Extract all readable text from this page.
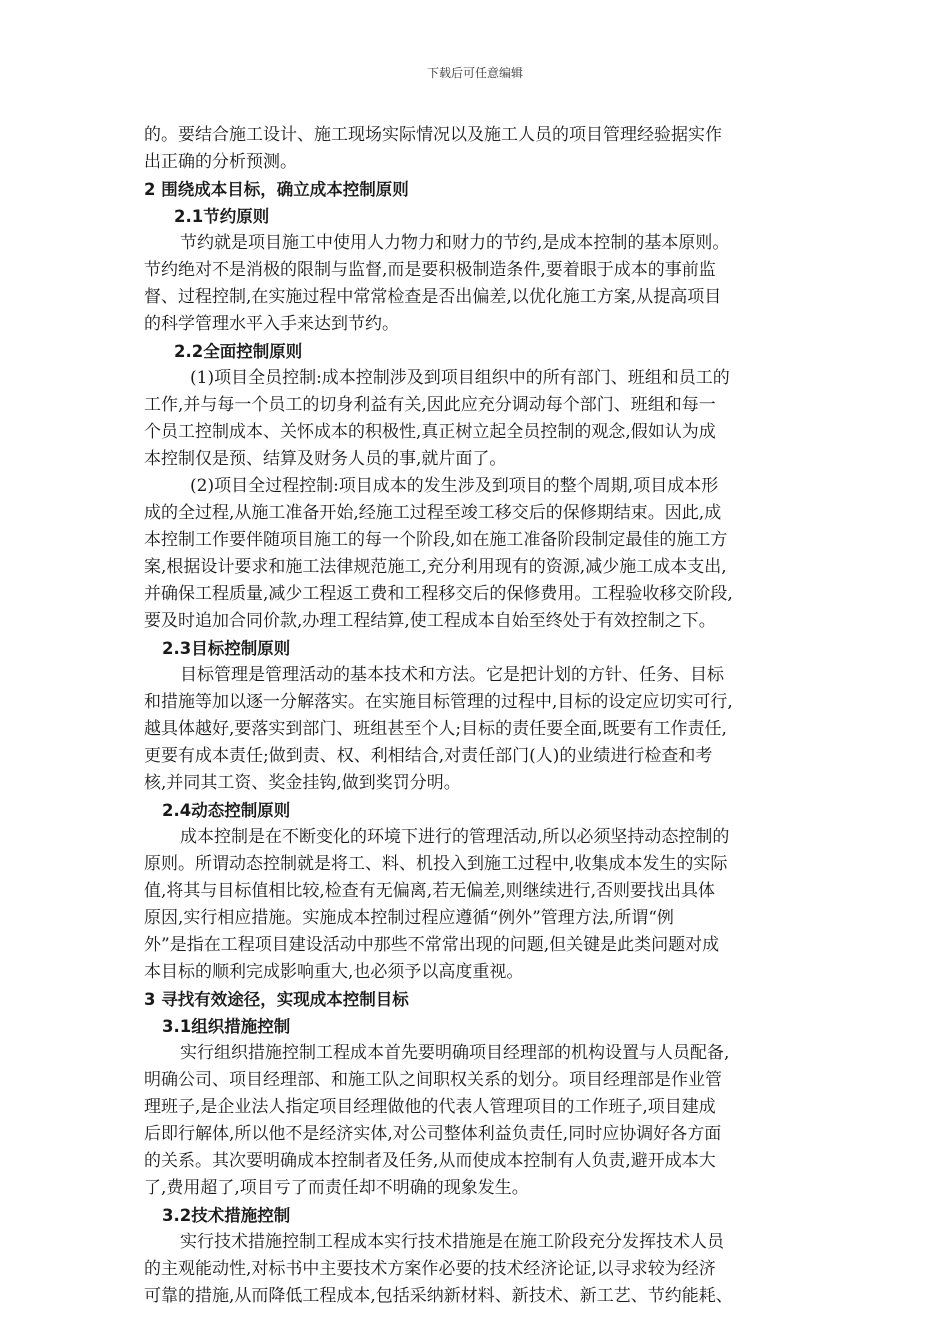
下载后可任意编辑
的。要结合施工设计、施工现场实际情况以及施工人员的项目管理经验据实作
出正确的分析预测。
2 围绕成本目标，确立成本控制原则
2.1节约原则
节约就是项目施工中使用人力物力和财力的节约,是成本控制的基本原则。
节约绝对不是消极的限制与监督,而是要积极制造条件,要着眼于成本的事前监
督、过程控制,在实施过程中常常检查是否出偏差,以优化施工方案,从提高项目
的科学管理水平入手来达到节约。
2.2全面控制原则
(1)项目全员控制:成本控制涉及到项目组织中的所有部门、班组和员工的
工作,并与每一个员工的切身利益有关,因此应充分调动每个部门、班组和每一
个员工控制成本、关怀成本的积极性,真正树立起全员控制的观念,假如认为成
本控制仅是预、结算及财务人员的事,就片面了。
(2)项目全过程控制:项目成本的发生涉及到项目的整个周期,项目成本形
成的全过程,从施工准备开始,经施工过程至竣工移交后的保修期结束。因此,成
本控制工作要伴随项目施工的每一个阶段,如在施工准备阶段制定最佳的施工方
案,根据设计要求和施工法律规范施工,充分利用现有的资源,减少施工成本支出,
并确保工程质量,减少工程返工费和工程移交后的保修费用。工程验收移交阶段,
要及时追加合同价款,办理工程结算,使工程成本自始至终处于有效控制之下。
2.3目标控制原则
目标管理是管理活动的基本技术和方法。它是把计划的方针、任务、目标
和措施等加以逐一分解落实。在实施目标管理的过程中,目标的设定应切实可行,
越具体越好,要落实到部门、班组甚至个人;目标的责任要全面,既要有工作责任,
更要有成本责任;做到责、权、利相结合,对责任部门(人)的业绩进行检查和考
核,并同其工资、奖金挂钩,做到奖罚分明。
2.4动态控制原则
成本控制是在不断变化的环境下进行的管理活动,所以必须坚持动态控制的
原则。所谓动态控制就是将工、料、机投入到施工过程中,收集成本发生的实际
值,将其与目标值相比较,检查有无偏离,若无偏差,则继续进行,否则要找出具体
原因,实行相应措施。实施成本控制过程应遵循“例外”管理方法,所谓“例
外”是指在工程项目建设活动中那些不常常出现的问题,但关键是此类问题对成
本目标的顺利完成影响重大,也必须予以高度重视。
3 寻找有效途径，实现成本控制目标
3.1组织措施控制
实行组织措施控制工程成本首先要明确项目经理部的机构设置与人员配备,
明确公司、项目经理部、和施工队之间职权关系的划分。项目经理部是作业管
理班子,是企业法人指定项目经理做他的代表人管理项目的工作班子,项目建成
后即行解体,所以他不是经济实体,对公司整体利益负责任,同时应协调好各方面
的关系。其次要明确成本控制者及任务,从而使成本控制有人负责,避开成本大
了,费用超了,项目亏了而责任却不明确的现象发生。
3.2技术措施控制
实行技术措施控制工程成本实行技术措施是在施工阶段充分发挥技术人员
的主观能动性,对标书中主要技术方案作必要的技术经济论证,以寻求较为经济
可靠的措施,从而降低工程成本,包括采纳新材料、新技术、新工艺、节约能耗、
